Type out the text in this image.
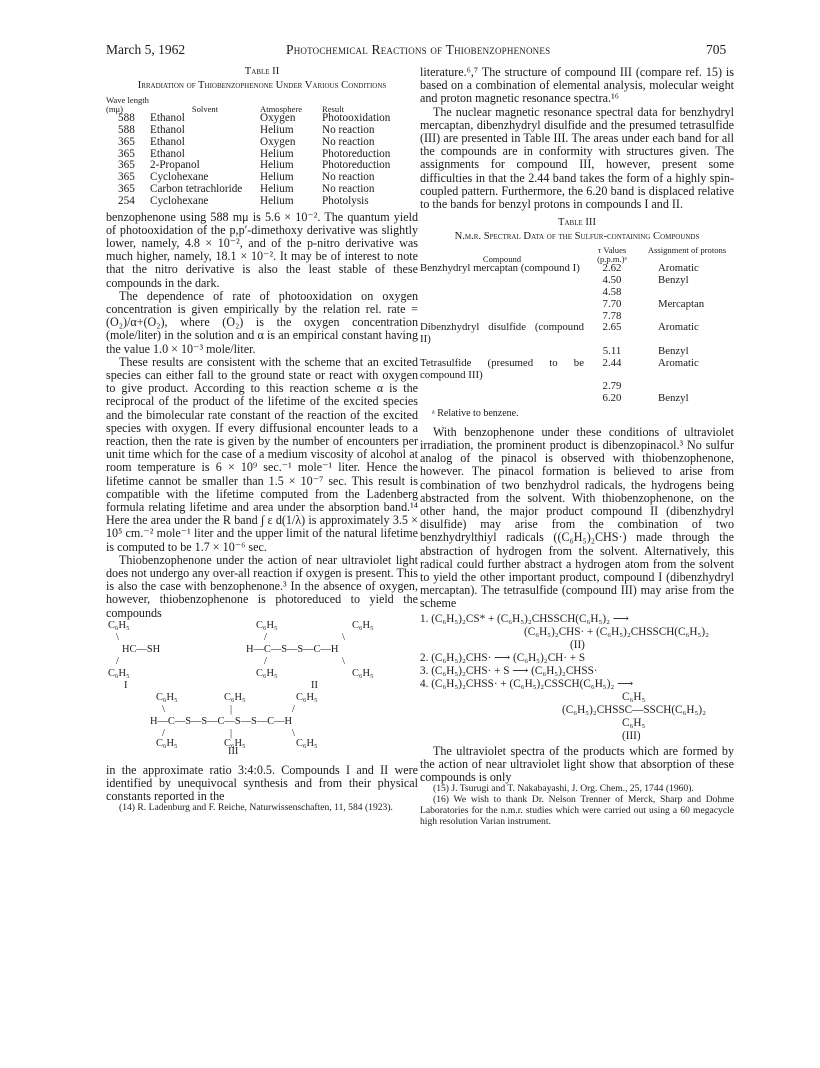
March 5, 1962	Photochemical Reactions of Thiobenzophenones	705
Table II
Irradiation of Thiobenzophenone Under Various Conditions
Wave length (mμ)	Solvent	Atmosphere	Result
588	Ethanol	Oxygen	Photooxidation
588	Ethanol	Helium	No reaction
365	Ethanol	Oxygen	No reaction
365	Ethanol	Helium	Photoreduction
365	2-Propanol	Helium	Photoreduction
365	Cyclohexane	Helium	No reaction
365	Carbon tetrachloride	Helium	No reaction
254	Cyclohexane	Helium	Photolysis

benzophenone using 588 mμ is 5.6 × 10⁻². The quantum yield of photooxidation of the p,p′-dimethoxy derivative was slightly lower, namely, 4.8 × 10⁻², and of the p-nitro derivative was much higher, namely, 18.1 × 10⁻². It may be of interest to note that the nitro derivative is also the least stable of these compounds in the dark.

The dependence of rate of photooxidation on oxygen concentration is given empirically by the relation rel. rate = (O₂)/α+(O₂), where (O₂) is the oxygen concentration (mole/liter) in the solution and α is an empirical constant having the value 1.0 × 10⁻³ mole/liter.

These results are consistent with the scheme that an excited species can either fall to the ground state or react with oxygen to give product. According to this reaction scheme α is the reciprocal of the product of the lifetime of the excited species and the bimolecular rate constant of the reaction of the excited species with oxygen. If every diffusional encounter leads to a reaction, then the rate is given by the number of encounters per unit time which for the case of a medium viscosity of alcohol at room temperature is 6 × 10⁹ sec.⁻¹ mole⁻¹ liter. Hence the lifetime cannot be smaller than 1.5 × 10⁻⁷ sec. This result is compatible with the lifetime computed from the Ladenberg formula relating lifetime and area under the absorption band.¹⁴ Here the area under the R band ∫ ε d(1/λ) is approximately 3.5 × 10⁵ cm.⁻² mole⁻¹ liter and the upper limit of the natural lifetime is computed to be 1.7 × 10⁻⁶ sec.

Thiobenzophenone under the action of near ultraviolet light does not undergo any over-all reaction if oxygen is present. This is also the case with benzophenone.³ In the absence of oxygen, however, thiobenzophenone is photoreduced to yield the compounds

C₆H₅
\
HC—SH
/
C₆H₅
I
C₆H₅	C₆H₅
/	\
H—C—S—S—C—H
/	\
C₆H₅	C₆H₅
II
C₆H₅	C₆H₅	C₆H₅
\	|	/
H—C—S—S—C—S—S—C—H
/	|	\
C₆H₅	C₆H₅	C₆H₅
III

in the approximate ratio 3:4:0.5. Compounds I and II were identified by unequivocal synthesis and from their physical constants reported in the

(14) R. Ladenburg and F. Reiche, Naturwissenschaften, 11, 584 (1923).

literature.⁶,⁷ The structure of compound III (compare ref. 15) is based on a combination of elemental analysis, molecular weight and proton magnetic resonance spectra.¹⁶

The nuclear magnetic resonance spectral data for benzhydryl mercaptan, dibenzhydryl disulfide and the presumed tetrasulfide (III) are presented in Table III. The areas under each band for all the compounds are in conformity with structures given. The assignments for compound III, however, present some difficulties in that the 2.44 band takes the form of a highly spin-coupled pattern. Furthermore, the 6.20 band is displaced relative to the bands for benzyl protons in compounds I and II.

Table III
N.m.r. Spectral Data of the Sulfur-containing Compounds
Compound	τ Values (p.p.m.)ᵃ	Assignment of protons
Benzhydryl mercaptan (compound I)	2.62	Aromatic
	4.50	Benzyl
	4.58	
	7.70	Mercaptan
	7.78	
Dibenzhydryl disulfide (compound II)	2.65	Aromatic
	5.11	Benzyl
Tetrasulfide (presumed to be compound III)	2.44	Aromatic
	2.79	
	6.20	Benzyl
ᵃ Relative to benzene.

With benzophenone under these conditions of ultraviolet irradiation, the prominent product is dibenzopinacol.³ No sulfur analog of the pinacol is observed with thiobenzophenone, however. The pinacol formation is believed to arise from combination of two benzhydrol radicals, the hydrogens being abstracted from the solvent. With thiobenzophenone, on the other hand, the major product compound II (dibenzhydryl disulfide) may arise from the combination of two benzhydrylthiyl radicals ((C₆H₅)₂CHS·) made through the abstraction of hydrogen from the solvent. Alternatively, this radical could further abstract a hydrogen atom from the solvent to yield the other important product, compound I (dibenzhydryl mercaptan). The tetrasulfide (compound III) may arise from the scheme

1. (C₆H₅)₂CS* + (C₆H₅)₂CHSSCH(C₆H₅)₂ ⟶
(C₆H₅)₂CHS· + (C₆H₅)₂CHSSCH(C₆H₅)₂
(II)
2. (C₆H₅)₂CHS· ⟶ (C₆H₅)₂CH· + S
3. (C₆H₅)₂CHS· + S ⟶ (C₆H₅)₂CHSS·
4. (C₆H₅)₂CHSS· + (C₆H₅)₂CSSCH(C₆H₅)₂ ⟶
C₆H₅
(C₆H₅)₂CHSSC—SSCH(C₆H₅)₂
C₆H₅
(III)

The ultraviolet spectra of the products which are formed by the action of near ultraviolet light show that absorption of these compounds is only

(15) J. Tsurugi and T. Nakabayashi, J. Org. Chem., 25, 1744 (1960).

(16) We wish to thank Dr. Nelson Trenner of Merck, Sharp and Dohme Laboratories for the n.m.r. studies which were carried out using a 60 megacycle high resolution Varian instrument.
